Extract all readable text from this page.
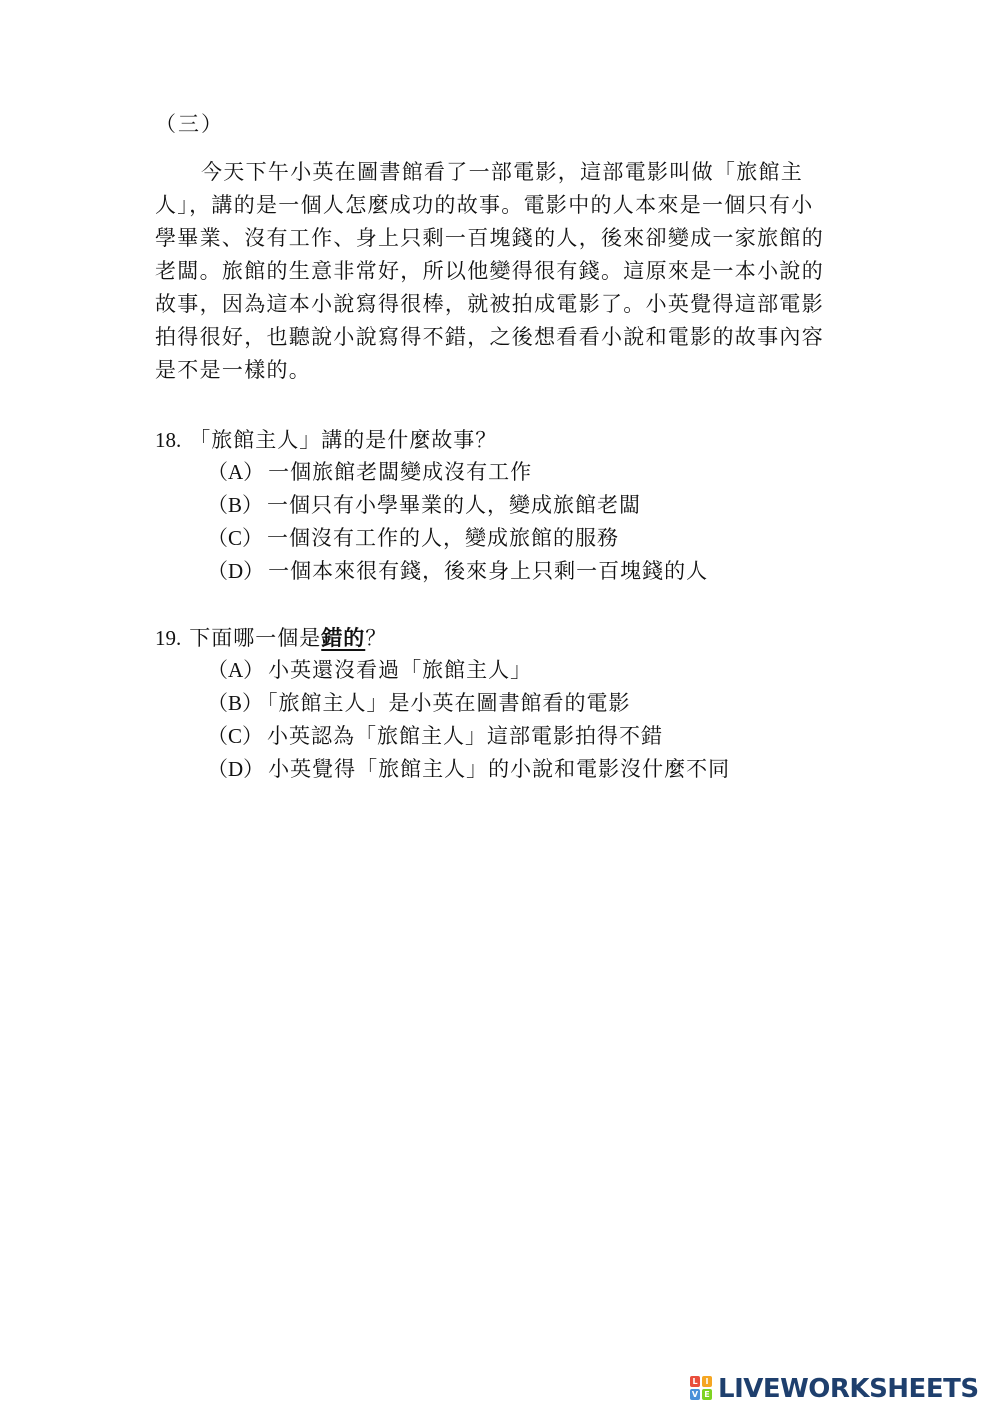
（三）
今天下午小英在圖書館看了一部電影，這部電影叫做「旅館主
人」，講的是一個人怎麼成功的故事。電影中的人本來是一個只有小
學畢業、沒有工作、身上只剩一百塊錢的人，後來卻變成一家旅館的
老闆。旅館的生意非常好，所以他變得很有錢。這原來是一本小說的
故事，因為這本小說寫得很棒，就被拍成電影了。小英覺得這部電影
拍得很好，也聽說小說寫得不錯，之後想看看小說和電影的故事內容
是不是一樣的。
18. 「旅館主人」講的是什麼故事？
（A） 一個旅館老闆變成沒有工作
（B） 一個只有小學畢業的人，變成旅館老闆
（C） 一個沒有工作的人，變成旅館的服務
（D） 一個本來很有錢，後來身上只剩一百塊錢的人
19. 下面哪一個是錯的？
（A） 小英還沒看過「旅館主人」
（B） 「旅館主人」是小英在圖書館看的電影
（C） 小英認為「旅館主人」這部電影拍得不錯
（D） 小英覺得「旅館主人」的小說和電影沒什麼不同
L I
V E LIVEWORKSHEETS
